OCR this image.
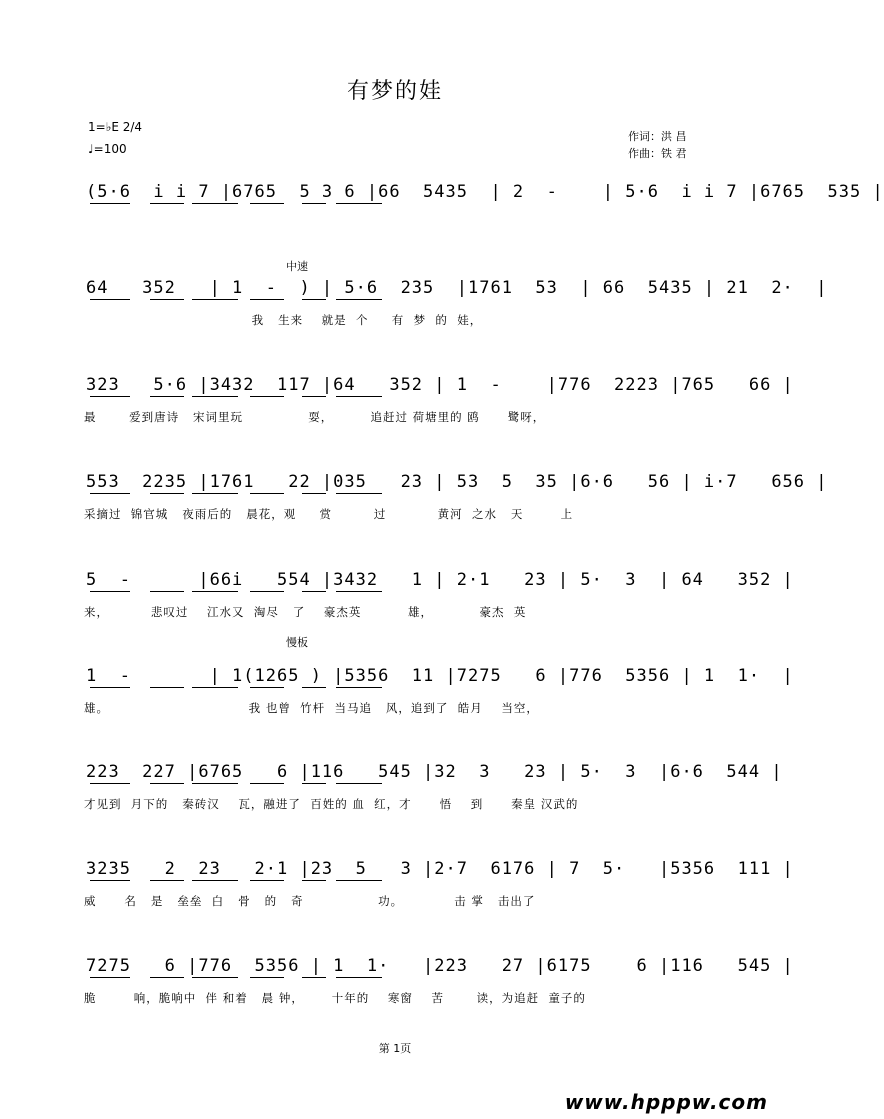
有梦的娃
1=♭E 2/4
♩=100
作词：洪 昌
作曲：铁 君
(5·6  i i 7 |6765  5 3 6 |66  5435  | 2  -    | 5·6  i i 7 |6765  535 |
64   352   | 1  -  ) | 5·6  235  |1761  53  | 66  5435 | 21  2·  |
我   生来    就是  个     有  梦  的  娃，
323   5·6 |3432  117 |64   352 | 1  -    |776  2223 |765   66 |
最       爱到唐诗   宋词里玩              耍，        追赶过 荷塘里的 鸥      鹭呀，
553  2235 |1761   22 |035   23 | 53  5  35 |6·6   56 | i·7   656 |
采摘过  锦官城   夜雨后的   晨花，观     赏         过           黄河  之水   天        上
5  -      |66i   554 |3432   1 | 2·1   23 | 5·  3  | 64   352 |
来，         悲叹过    江水又  淘尽   了    豪杰英          雄，          豪杰  英
1  -       | 1(1265 ) |5356  11 |7275   6 |776  5356 | 1  1·  |
雄。                              我 也曾  竹杆  当马追   风，追到了  皓月    当空，
223  227 |6765   6 |116   545 |32  3   23 | 5·  3  |6·6  544 |
才见到  月下的   秦砖汉    瓦，融进了  百姓的 血  红，才      悟    到      秦皇 汉武的
3235   2  23   2·1 |23  5   3 |2·7  6176 | 7  5·   |5356  111 |
威      名   是   垒垒  白   骨   的   奇                功。           击 掌   击出了
7275   6 |776  5356 | 1  1·   |223   27 |6175    6 |116   545 |
脆        响，脆响中  伴 和着   晨 钟，      十年的    寒窗    苦       读，为追赶  童子的
中速
慢板
第 1页
www.hpppw.com
